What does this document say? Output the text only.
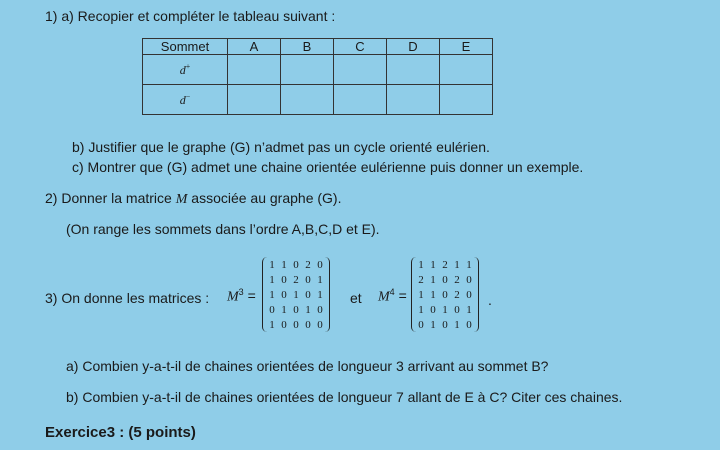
1) a) Recopier et compléter le tableau suivant :
Sommet	A	B	C	D	E
d+					
d−					
b) Justifier que le graphe (G) n’admet pas un cycle orienté eulérien.
c) Montrer que (G) admet une chaine orientée eulérienne puis donner un exemple.
2) Donner la matrice M associée au graphe (G).
(On range les sommets dans l’ordre A,B,C,D et E).
3) On donne les matrices : $M^3$ =
1	1	0	2	0
1	0	2	0	1
1	0	1	0	1
0	1	0	1	0
1	0	0	0	0
et $M^4$ =
1	1	2	1	1
2	1	0	2	0
1	1	0	2	0
1	0	1	0	1
0	1	0	1	0
.
a) Combien y-a-t-il de chaines orientées de longueur 3 arrivant au sommet B?
b) Combien y-a-t-il de chaines orientées de longueur 7 allant de E à C? Citer ces chaines.
Exercice3 : (5 points)
